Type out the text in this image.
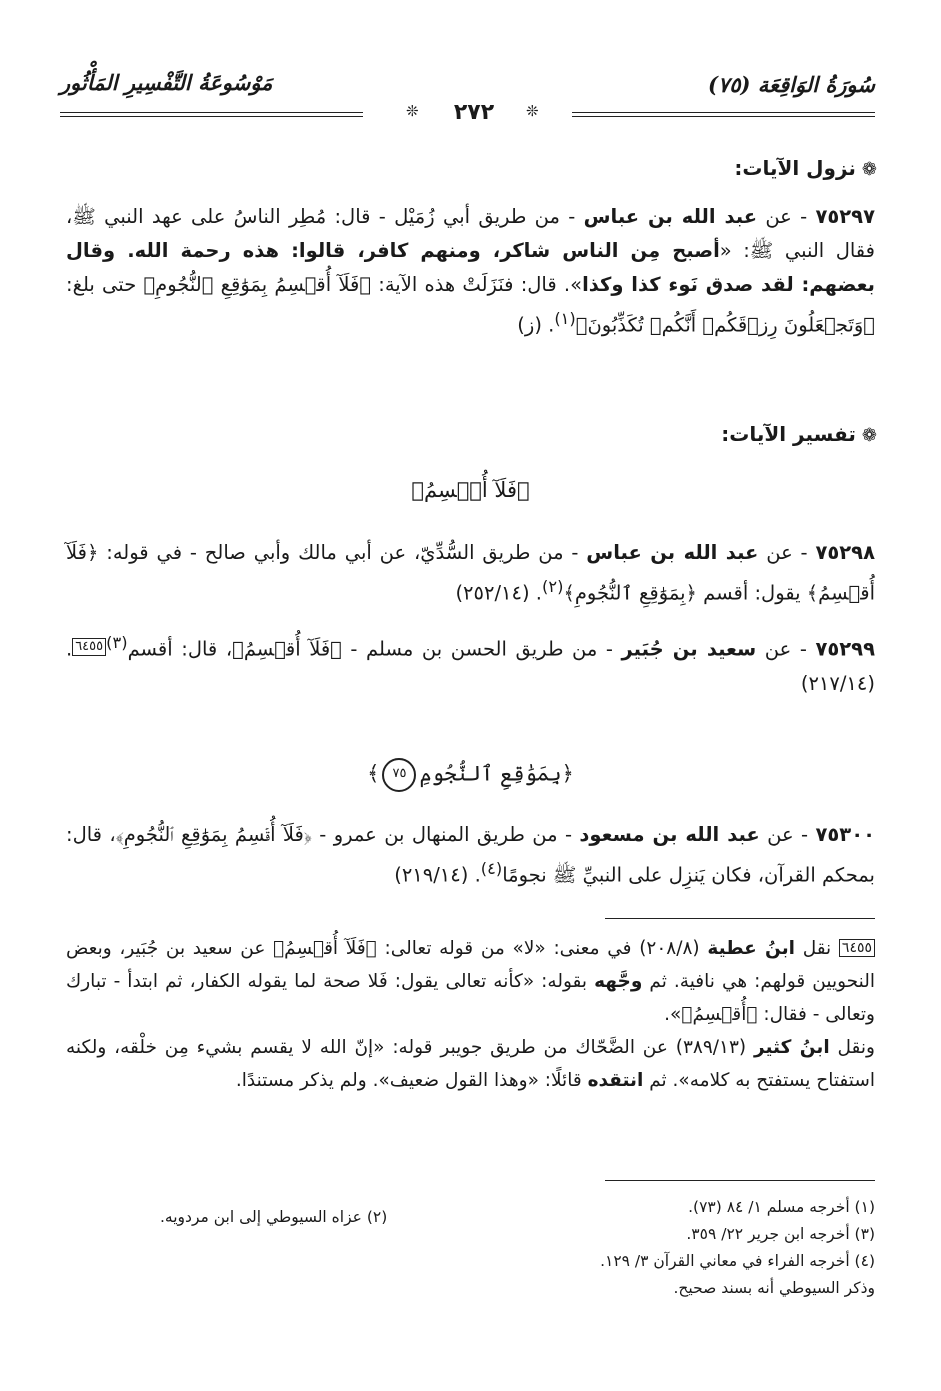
سُورَةُ الوَاقِعَة (٧٥)
مَوْسُوعَةُ التَّفْسِيرِ المَأْثُور
❊	❊
٢٧٢
❁نزول الآيات:
٧٥٢٩٧ - عن عبد الله بن عباس - من طريق أبي زُمَيْل - قال: مُطِر الناسُ على عهد النبي ﷺ، فقال النبي ﷺ: «أصبح مِن الناس شاكر، ومنهم كافر، قالوا: هذه رحمة الله. وقال بعضهم: لقد صدق نَوء كذا وكذا». قال: فنَزَلَتْ هذه الآية: ﴿فَلَآ أُقۡسِمُ بِمَوَٰقِعِ ٱلنُّجُومِ﴾ حتى بلغ: ﴿وَتَجۡعَلُونَ رِزۡقَكُمۡ أَنَّكُمۡ تُكَذِّبُونَ﴾$^{(١)}$. (ز)
❁تفسير الآيات:
﴿فَلَآ أُقۡسِمُ﴾
٧٥٢٩٨ - عن عبد الله بن عباس - من طريق السُّدِّيّ، عن أبي مالك وأبي صالح - في قوله: ﴿فَلَآ أُقۡسِمُ﴾ يقول: أقسم ﴿بِمَوَٰقِعِ ٱلنُّجُومِ﴾$^{(٢)}$. (٢٥٢/١٤)
٧٥٢٩٩ - عن سعيد بن جُبَير - من طريق الحسن بن مسلم - ﴿فَلَآ أُقۡسِمُ﴾، قال: أقسم$^{(٣)}$٦٤٥٥. (٢١٧/١٤)
﴿بِمَوَٰقِعِ ٱلنُّجُومِ٧٥﴾
٧٥٣٠٠ - عن عبد الله بن مسعود - من طريق المنهال بن عمرو - ﴿فَلَآ أُقۡسِمُ بِمَوَٰقِعِ ٱلنُّجُومِ﴾، قال: بمحكم القرآن، فكان يَنزِل على النبيِّ ﷺ نجومًا$^{(٤)}$. (٢١٩/١٤)
٦٤٥٥ نقل ابنُ عطية (٢٠٨/٨) في معنى: «لا» من قوله تعالى: ﴿فَلَآ أُقۡسِمُ﴾ عن سعيد بن جُبَير، وبعض النحويين قولهم: هي نافية. ثم وجَّهه بقوله: «كأنه تعالى يقول: فَلا صحة لما يقوله الكفار، ثم ابتدأ - تبارك وتعالى - فقال: ﴿أُقۡسِمُ﴾».
ونقل ابنُ كثير (٣٨٩/١٣) عن الضَّحّاك من طريق جويبر قوله: «إنّ الله لا يقسم بشيء مِن خلْقه، ولكنه استفتاح يستفتح به كلامه». ثم انتقده قائلًا: «وهذا القول ضعيف». ولم يذكر مستندًا.
(١) أخرجه مسلم ١/ ٨٤ (٧٣).
(٣) أخرجه ابن جرير ٢٢/ ٣٥٩.
(٤) أخرجه الفراء في معاني القرآن ٣/ ١٢٩.
وذكر السيوطي أنه بسند صحيح.
(٢) عزاه السيوطي إلى ابن مردويه.
